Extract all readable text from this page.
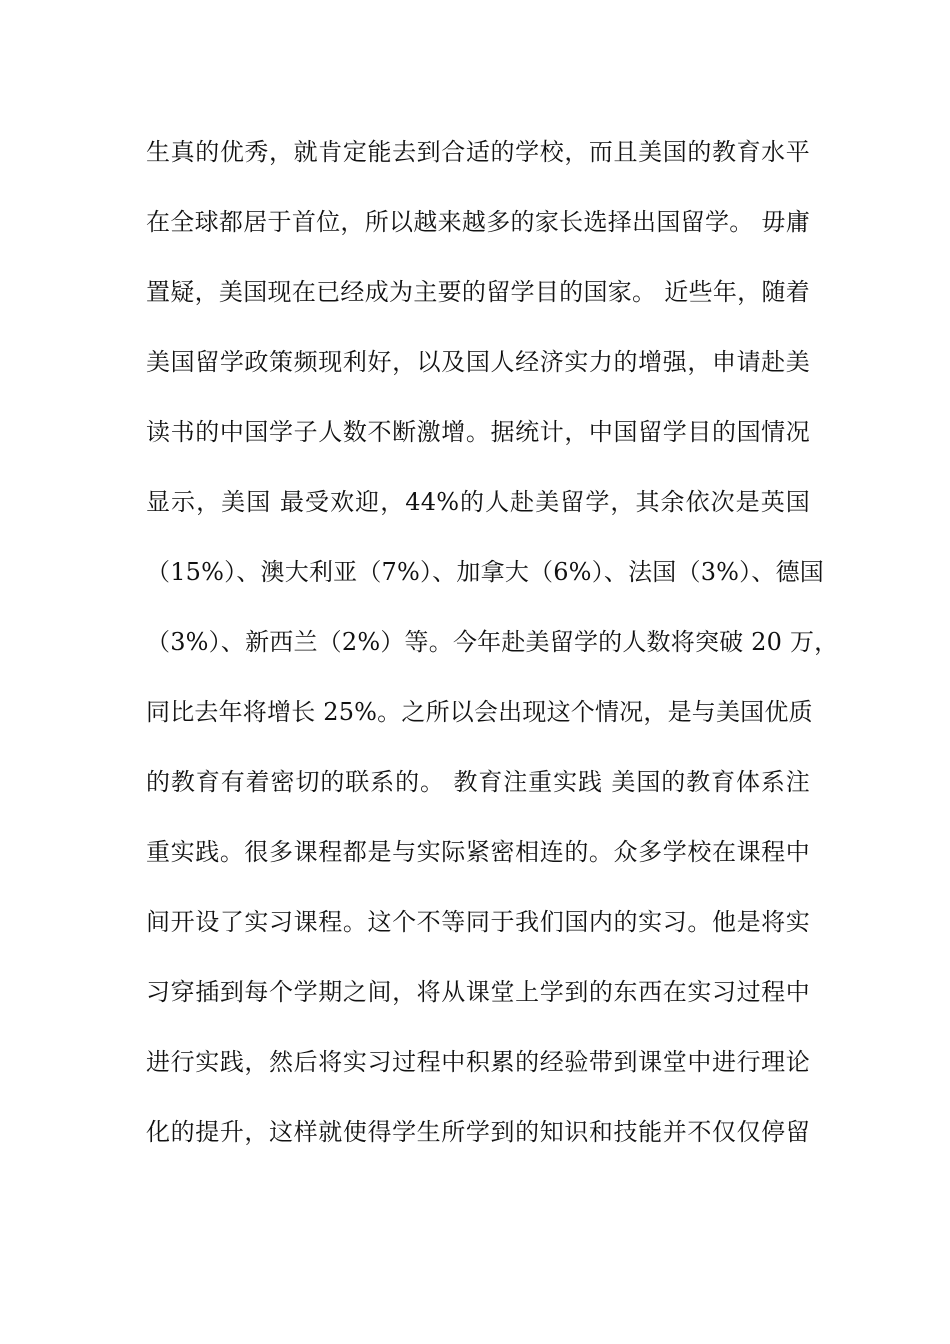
生真的优秀，就肯定能去到合适的学校，而且美国的教育水平
在全球都居于首位，所以越来越多的家长选择出国留学。 毋庸
置疑，美国现在已经成为主要的留学目的国家。 近些年，随着
美国留学政策频现利好，以及国人经济实力的增强，申请赴美
读书的中国学子人数不断激增。据统计，中国留学目的国情况
显示，美国 最受欢迎，44%的人赴美留学，其余依次是英国
（15%）、澳大利亚（7%）、加拿大（6%）、法国（3%）、德国
（3%）、新西兰（2%）等。今年赴美留学的人数将突破 20 万，
同比去年将增长 25%。之所以会出现这个情况，是与美国优质
的教育有着密切的联系的。 教育注重实践 美国的教育体系注
重实践。很多课程都是与实际紧密相连的。众多学校在课程中
间开设了实习课程。这个不等同于我们国内的实习。他是将实
习穿插到每个学期之间，将从课堂上学到的东西在实习过程中
进行实践，然后将实习过程中积累的经验带到课堂中进行理论
化的提升，这样就使得学生所学到的知识和技能并不仅仅停留
